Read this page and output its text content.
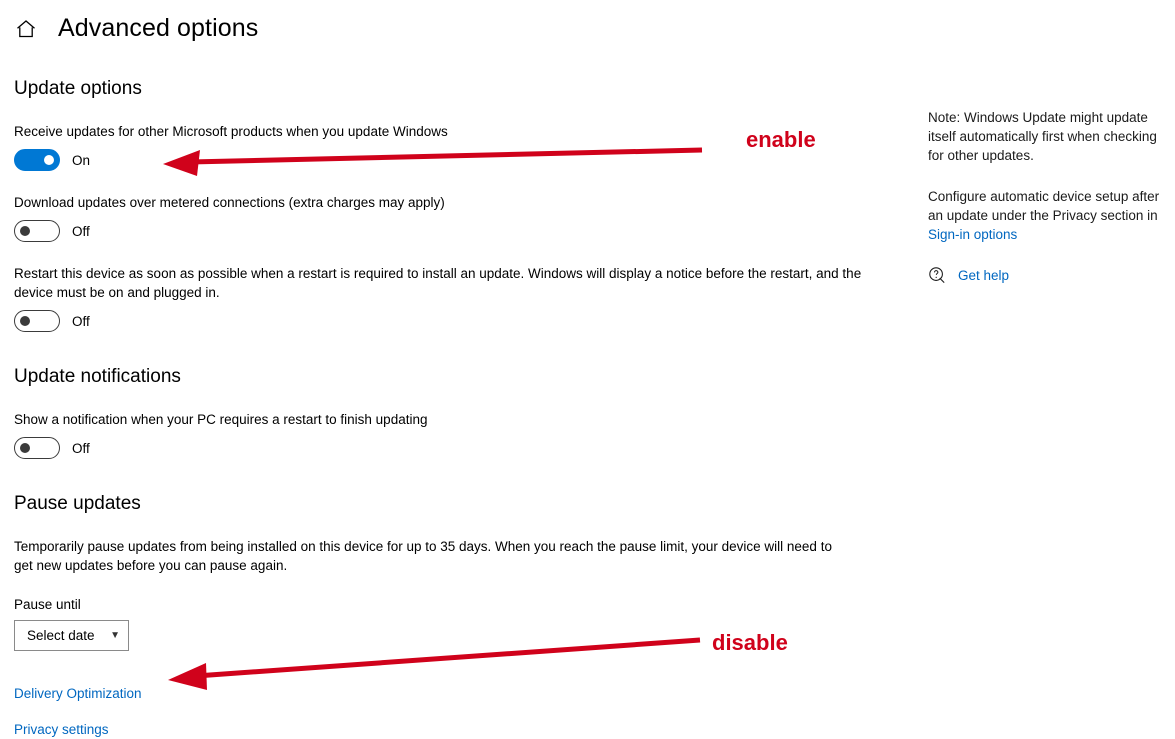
Advanced options
Update options

Receive updates for other Microsoft products when you update Windows

On

Download updates over metered connections (extra charges may apply)

Off

Restart this device as soon as possible when a restart is required to install an update. Windows will display a notice before the restart, and the device must be on and plugged in.

Off
Update notifications

Show a notification when your PC requires a restart to finish updating

Off
Pause updates

Temporarily pause updates from being installed on this device for up to 35 days. When you reach the pause limit, your device will need to get new updates before you can pause again.

Pause until

Select date ▼
Delivery Optimization
Privacy settings

Note: Windows Update might update itself automatically first when checking for other updates.

Configure automatic device setup after an update under the Privacy section in Sign-in options

Get help
enable
disable
